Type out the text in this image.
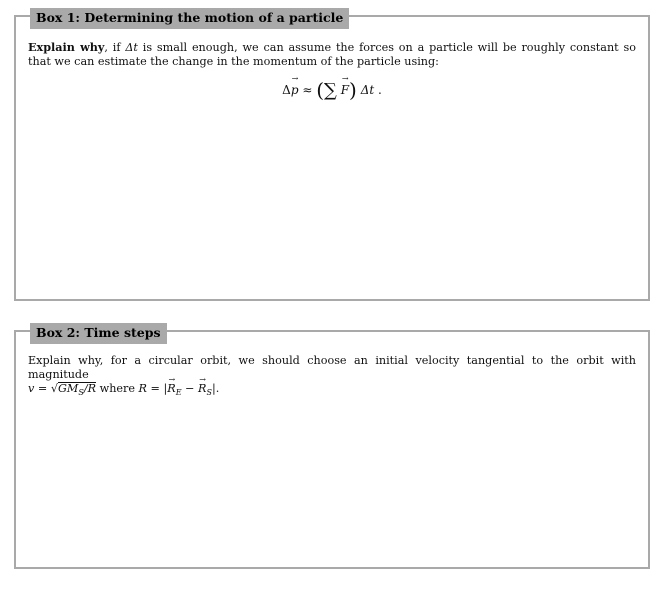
Box 1: Determining the motion of a particle
Explain why, if Δt is small enough, we can assume the forces on a particle will be roughly constant so that we can estimate the change in the momentum of the particle using:
Δp → ≈ (∑ F →) Δt .
Box 2: Time steps
Explain why, for a circular orbit, we should choose an initial velocity tangential to the orbit with magnitude
$v = √GM_S/R$ where $R = |R \to_E - R \to_S|$.
